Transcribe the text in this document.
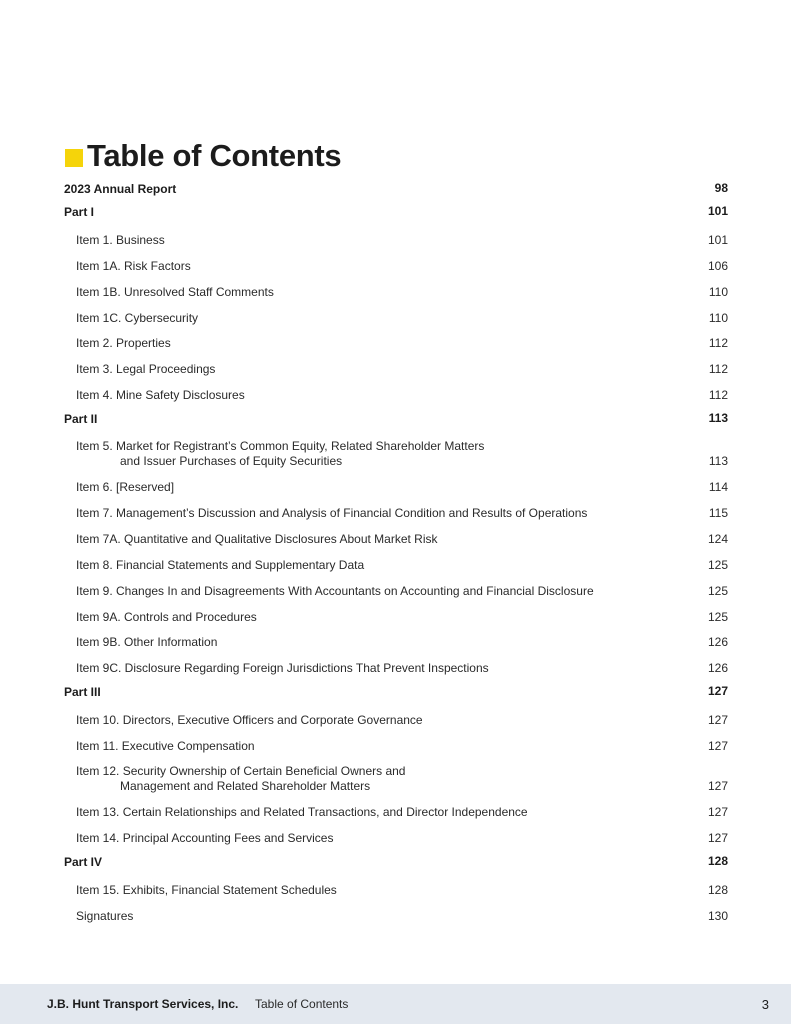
Table of Contents
2023 Annual Report	98
Part I	101
Item 1. Business	101
Item 1A. Risk Factors	106
Item 1B. Unresolved Staff Comments	110
Item 1C. Cybersecurity	110
Item 2. Properties	112
Item 3. Legal Proceedings	112
Item 4. Mine Safety Disclosures	112
Part II	113
Item 5. Market for Registrant’s Common Equity, Related Shareholder Matters
and Issuer Purchases of Equity Securities	113
Item 6. [Reserved]	114
Item 7. Management’s Discussion and Analysis of Financial Condition and Results of Operations	115
Item 7A. Quantitative and Qualitative Disclosures About Market Risk	124
Item 8. Financial Statements and Supplementary Data	125
Item 9. Changes In and Disagreements With Accountants on Accounting and Financial Disclosure	125
Item 9A. Controls and Procedures	125
Item 9B. Other Information	126
Item 9C. Disclosure Regarding Foreign Jurisdictions That Prevent Inspections	126
Part III	127
Item 10. Directors, Executive Officers and Corporate Governance	127
Item 11. Executive Compensation	127
Item 12. Security Ownership of Certain Beneficial Owners and
Management and Related Shareholder Matters	127
Item 13. Certain Relationships and Related Transactions, and Director Independence	127
Item 14. Principal Accounting Fees and Services	127
Part IV	128
Item 15. Exhibits, Financial Statement Schedules	128
Signatures	130
J.B. Hunt Transport Services, Inc. Table of Contents	3
